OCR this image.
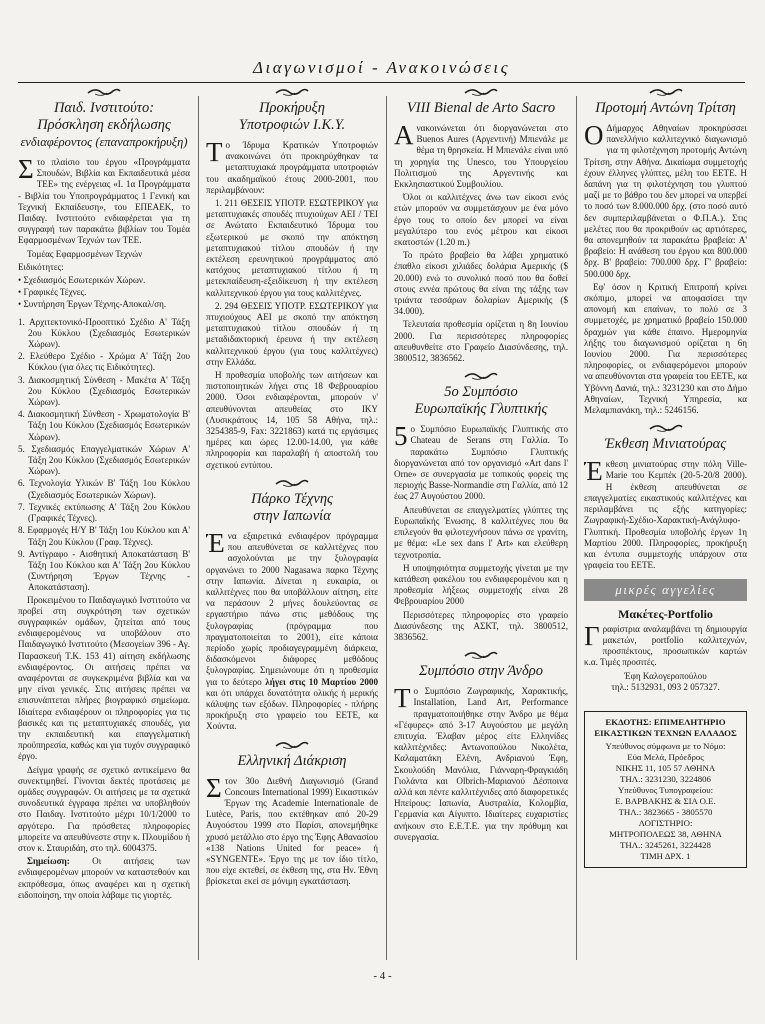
Διαγωνισμοί - Ανακοινώσεις
Παιδ. Ινστιτούτο:
Πρόσκληση εκδήλωσης
ενδιαφέροντος (επαναπροκήρυξη)
Στο πλαίσιο του έργου «Προγράμματα Σπουδών, Βιβλία και Εκπαιδευτικά μέσα ΤΕΕ» της ενέργειας «Ι. 1α Προγράμματα - Βιβλία του Υποπρογράμματος 1 Γενική και Τεχνική Εκπαίδευση», του ΕΠΕΑΕΚ, το Παιδαγ. Ινστιτούτο ενδιαφέρεται για τη συγγραφή των παρακάτω βιβλίων του Τομέα Εφαρμοσμένων Τεχνών των ΤΕΕ.
Τομέας Εφαρμοσμένων Τεχνών
Ειδικότητες:
• Σχεδιασμός Εσωτερικών Χώρων.
• Γραφικές Τέχνες.
• Συντήρηση Έργων Τέχνης-Αποκαλ/ση.
1. Αρχιτεκτονικό-Προοπτικό Σχέδιο Α' Τάξη 2ου Κύκλου (Σχεδιασμός Εσωτερικών Χώρων).
2. Ελεύθερο Σχέδιο - Χρώμα Α' Τάξη 2ου Κύκλου (για όλες τις Ειδικότητες).
3. Διακοσμητική Σύνθεση - Μακέτα Α' Τάξη 2ου Κύκλου (Σχεδιασμός Εσωτερικών Χώρων).
4. Διακοσμητική Σύνθεση - Χρωματολογία Β' Τάξη 1ου Κύκλου (Σχεδιασμός Εσωτερικών Χώρων).
5. Σχεδιασμός Επαγγελματικών Χώρων Α' Τάξη 2ου Κύκλου (Σχεδιασμός Εσωτερικών Χώρων).
6. Τεχνολογία Υλικών Β' Τάξη 1ου Κύκλου (Σχεδιασμός Εσωτερικών Χώρων).
7. Τεχνικές εκτύπωσης Α' Τάξη 2ου Κύκλου (Γραφικές Τέχνες).
8. Εφαρμογές Η/Υ Β' Τάξη 1ου Κύκλου και Α' Τάξη 2ου Κύκλου (Γραφ. Τέχνες).
9. Αντίγραφο - Αισθητική Αποκατάσταση Β' Τάξη 1ου Κύκλου και Α' Τάξη 2ου Κύκλου (Συντήρηση Έργων Τέχνης - Αποκατάσταση).
Προκειμένου το Παιδαγωγικό Ινστιτούτο να προβεί στη συγκρότηση των σχετικών συγγραφικών ομάδων, ζητείται από τους ενδιαφερομένους να υποβάλουν στο Παιδαγωγικό Ινστιτούτο (Μεσογείων 396 - Αγ. Παρασκευή Τ.Κ. 153 41) αίτηση εκδήλωσης ενδιαφέροντος. Οι αιτήσεις πρέπει να αναφέρονται σε συγκεκριμένα βιβλία και να μην είναι γενικές. Στις αιτήσεις πρέπει να επισυνάπτεται πλήρες βιογραφικό σημείωμα. Ιδιαίτερα ενδιαφέρουν οι πληροφορίες για τις βασικές και τις μεταπτυχιακές σπουδές, για την εκπαιδευτική και επαγγελματική προϋπηρεσία, καθώς και για τυχόν συγγραφικό έργο.
Δείγμα γραφής σε σχετικό αντικείμενο θα συνεκτιμηθεί. Γίνονται δεκτές προτάσεις με ομάδες συγγραφών. Οι αιτήσεις με τα σχετικά συνοδευτικά έγγραφα πρέπει να υποβληθούν στο Παιδαγ. Ινστιτούτο μέχρι 10/1/2000 το αργότερο. Για πρόσθετες πληροφορίες μπορείτε να απευθύνεστε στην κ. Πλουμίδου ή στον κ. Σταυριδάη, στο τηλ. 6004375.
Σημείωση: Οι αιτήσεις των ενδιαφερομένων μπορούν να καταστεθούν και εκπρόθεσμα, όπως αναφέρει και η σχετική ειδοποίηση, την οποία λάβαμε τις γιορτές.
Προκήρυξη
Υποτροφιών Ι.Κ.Υ.
Το Ίδρυμα Κρατικών Υποτροφιών ανακοινώνει ότι προκηρύχθηκαν τα μεταπτυχιακά προγράμματα υποτροφιών του ακαδημαϊκού έτους 2000-2001, που περιλαμβάνουν:
1. 211 ΘΕΣΕΙΣ ΥΠΟΤΡ. ΕΣΩΤΕΡΙΚΟΥ για μεταπτυχιακές σπουδές πτυχιούχων ΑΕΙ / ΤΕΙ σε Ανώτατο Εκπαιδευτικό Ίδρυμα του εξωτερικού με σκοπό την απόκτηση μεταπτυχιακού τίτλου σπουδών ή την εκτέλεση ερευνητικού προγράμματος από κατόχους μεταπτυχιακού τίτλου ή τη μετεκπαίδευση-εξειδίκευση ή την εκτέλεση καλλιτεχνικού έργου για τους καλλιτέχνες.
2. 294 ΘΕΣΕΙΣ ΥΠΟΤΡ. ΕΣΩΤΕΡΙΚΟΥ για πτυχιούχους ΑΕΙ με σκοπό την απόκτηση μεταπτυχιακού τίτλου σπουδών ή τη μεταδιδακτορική έρευνα ή την εκτέλεση καλλιτεχνικού έργου (για τους καλλιτέχνες) στην Ελλάδα.
Η προθεσμία υποβολής των αιτήσεων και πιστοποιητικών λήγει στις 18 Φεβρουαρίου 2000. Όσοι ενδιαφέρονται, μπορούν ν' απευθύνονται απευθείας στο ΙΚΥ (Λυσικράτους 14, 105 58 Αθήνα, τηλ.: 3254385-9, Fax: 3221863) κατά τις εργάσιμες ημέρες και ώρες 12.00-14.00, για κάθε πληροφορία και παραλαβή ή αποστολή του σχετικού εντύπου.
Πάρκο Τέχνης
στην Ιαπωνία
Ένα εξαιρετικά ενδιαφέρον πρόγραμμα που απευθύνεται σε καλλιτέχνες που ασχολούνται με την ξυλογραφία οργανώνει το 2000 Nagasawa παρκο Τέχνης στην Ιαπωνία. Δίνεται η ευκαιρία, οι καλλιτέχνες που θα υποβάλλουν αίτηση, είτε να περάσουν 2 μήνες δουλεύοντας σε εργαστήριο πάνω στις μεθόδους της ξυλογραφίας (πρόγραμμα που πραγματοποιείται το 2001), είτε κάποια περίοδο χωρίς προδιαγεγραμμένη διάρκεια, διδασκόμενοι διάφορες μεθόδους ξυλογραφίας. Σημειώνουμε ότι η προθεσμία για το δεύτερο λήγει στις 10 Μαρτίου 2000 και ότι υπάρχει δυνατότητα ολικής ή μερικής κάλυψης των εξόδων. Πληροφορίες - πλήρης προκήρυξη στο γραφείο του ΕΕΤΕ, κα Χούντα.
Ελληνική Διάκριση
Στον 30ο Διεθνή Διαγωνισμό (Grand Concours International 1999) Εικαστικών Έργων της Academie Internationale de Lutèce, Paris, που εκτέθηκαν από 20-29 Αυγούστου 1999 στο Παρίσι, απονεμήθηκε χρυσό μετάλλιο στο έργο της Έφης Αθανασίου «138 Nations United for peace» ή «SYNGENTE». Έργο της με τον ίδιο τίτλο, που είχε εκτεθεί, σε έκθεση της, στα Ην. Έθνη βρίσκεται εκεί σε μόνιμη εγκατάσταση.
VIII Bienal de Arto Sacro
Ανακοινώνεται ότι διοργανώνεται στο Buenos Aures (Αργεντινή) Μπιενάλε με θέμα τη θρησκεία. Η Μπιενάλε είναι υπό τη χορηγία της Unesco, του Υπουργείου Πολιτισμού της Αργεντινής και Εκκλησιαστικού Συμβουλίου.
Όλοι οι καλλιτέχνες άνω των είκοσι ενός ετών μπορούν να συμμετάσχουν με ένα μόνο έργο τους το οποίο δεν μπορεί να είναι μεγαλύτερο του ενός μέτρου και είκοσι εκατοστών (1.20 m.)
Το πρώτο βραβείο θα λάβει χρηματικό έπαθλο είκοσι χιλιάδες δολάρια Αμερικής ($ 20.000) ενώ το συνολικό ποσό που θα δοθεί στους εννέα πρώτους θα είναι της τάξης των τριάντα τεσσάρων δολαρίων Αμερικής ($ 34.000).
Τελευταία προθεσμία ορίζεται η 8η Ιουνίου 2000. Για περισσότερες πληροφορίες απευθυνθείτε στο Γραφείο Διασύνδεσης, τηλ. 3800512, 3836562.
5ο Συμπόσιο
Ευρωπαϊκής Γλυπτικής
5 ο Συμπόσιο Ευρωπαϊκής Γλυπτικής στο Chateau de Serans στη Γαλλία. Το παρακάτω Συμπόσιο Γλυπτικής διοργανώνεται από τον οργανισμό «Art dans l' Orne» σε συνεργασία με τοπικούς φορείς της περιοχής Basse-Normandie στη Γαλλία, από 12 έως 27 Αυγούστου 2000.
Απευθύνεται σε επαγγελματίες γλύπτες της Ευρωπαϊκής Ένωσης. 8 καλλιτέχνες που θα επιλεγούν θα φιλοτεχνήσουν πάνω σε γρανίτη, με θέμα: «Le sex dans l' Art» και ελεύθερη τεχνοτροπία.
Η υποψηφιότητα συμμετοχής γίνεται με την κατάθεση φακέλου του ενδιαφερομένου και η προθεσμία λήξεως συμμετοχής είναι 28 Φεβρουαρίου 2000
Περισσότερες πληροφορίες στο γραφείο Διασύνδεσης της ΑΣΚΤ, τηλ. 3800512, 3836562.
Συμπόσιο στην Άνδρο
Το Συμπόσιο Ζωγραφικής, Χαρακτικής, Installation, Land Art, Performance πραγματοποιήθηκε στην Άνδρο με θέμα «Γέφυρες» από 3-17 Αυγούστου με μεγάλη επιτυχία. Έλαβαν μέρος είτε Ελληνίδες καλλιτέχνιδες: Αντωνοπούλου Νικολέτα, Καλαματάκη Ελένη, Ανδριανού Έφη, Σκουλούδη Μανόλια, Γιάνναρη-Φραγκιάδη Γιολάντα και Olbrich-Μαριανού Δέσποινα αλλά και πέντε καλλιτέχνιδες από διαφορετικές Ηπείρους: Ιαπωνία, Αυστραλία, Κολομβία, Γερμανία και Αίγυπτο. Ιδιαίτερες ευχαριστίες ανήκουν στο Ε.Ε.Τ.Ε. για την πρόθυμη και συνεργασία.
Προτομή Αντώνη Τρίτση
Ο Δήμαρχος Αθηναίων προκηρύσσει πανελλήνιο καλλιτεχνικό διαγωνισμό για τη φιλοτέχνηση προτομής Αντώνη Τρίτση, στην Αθήνα. Δικαίωμα συμμετοχής έχουν έλληνες γλύπτες, μέλη του ΕΕΤΕ. Η δαπάνη για τη φιλοτέχνηση του γλυπτού μαζί με το βάθρο του δεν μπορεί να υπερβεί το ποσό των 8.000.000 δρχ. (στο ποσό αυτό δεν συμπεριλαμβάνεται ο Φ.Π.Α.). Στις μελέτες που θα προκριθούν ως αρτιότερες, θα απονεμηθούν τα παρακάτω βραβεία: Α' βραβείο: Η ανάθεση του έργου και 800.000 δρχ. Β' βραβείο: 700.000 δρχ. Γ' βραβείο: 500.000 δρχ.
Εφ' όσον η Κριτική Επιτροπή κρίνει σκόπιμο, μπορεί να αποφασίσει την απονομή και επαίνων, το πολύ σε 3 συμμετοχές, με χρηματικό βραβείο 150.000 δραχμών για κάθε έπαινο. Ημερομηνία λήξης του διαγωνισμού ορίζεται η 6η Ιουνίου 2000. Για περισσότερες πληροφορίες, οι ενδιαφερόμενοι μπορούν να απευθύνονται στα γραφεία του ΕΕΤΕ, κα Υβόννη Δανιά, τηλ.: 3231230 και στο Δήμο Αθηναίων, Τεχνική Υπηρεσία, κα Μελαμπιανάκη, τηλ.: 5246156.
Έκθεση Μινιατούρας
Έκθεση μινιατούρας στην πόλη Ville-Marie του Κεμπέκ (20-5-20/8 2000). Η έκθεση απευθύνεται σε επαγγελματίες εικαστικούς καλλιτέχνες και περιλαμβάνει τις εξής κατηγορίες: Ζωγραφική-Σχέδιο-Χαρακτική-Ανάγλυφο-Γλυπτική. Προθεσμία υποβολής έργων 1η Μαρτίου 2000. Πληροφορίες, προκήρυξη και έντυπα συμμετοχής υπάρχουν στα γραφεία του ΕΕΤΕ.
μικρές αγγελίες
Μακέτες-Portfolio
Γραφίστρια αναλαμβάνει τη δημιουργία μακετών, portfolio καλλιτεχνών, προσπέκτους, προσωπικών καρτών κ.α. Τιμές προσιτές.
Έφη Καλογεροπούλου
τηλ.: 5132931, 093 2 057327.
ΕΚΔΟΤΗΣ: ΕΠΙΜΕΛΗΤΗΡΙΟ ΕΙΚΑΣΤΙΚΩΝ ΤΕΧΝΩΝ ΕΛΛΑΔΟΣ
Υπεύθυνος σύμφωνα με το Νόμο:
Εύα Μελά, Πρόεδρος
ΝΙΚΗΣ 11, 105 57 ΑΘΗΝΑ
ΤΗΛ.: 3231230, 3224806
Υπεύθυνος Τυπογραφείου:
Ε. ΒΑΡΒΑΚΗΣ & ΣΙΑ Ο.Ε.
ΤΗΛ.: 3823665 - 3805570
ΛΟΓΙΣΤΗΡΙΟ:
ΜΗΤΡΟΠΟΛΕΩΣ 38, ΑΘΗΝΑ
ΤΗΛ.: 3245261, 3224428
ΤΙΜΗ ΔΡΧ. 1
- 4 -
